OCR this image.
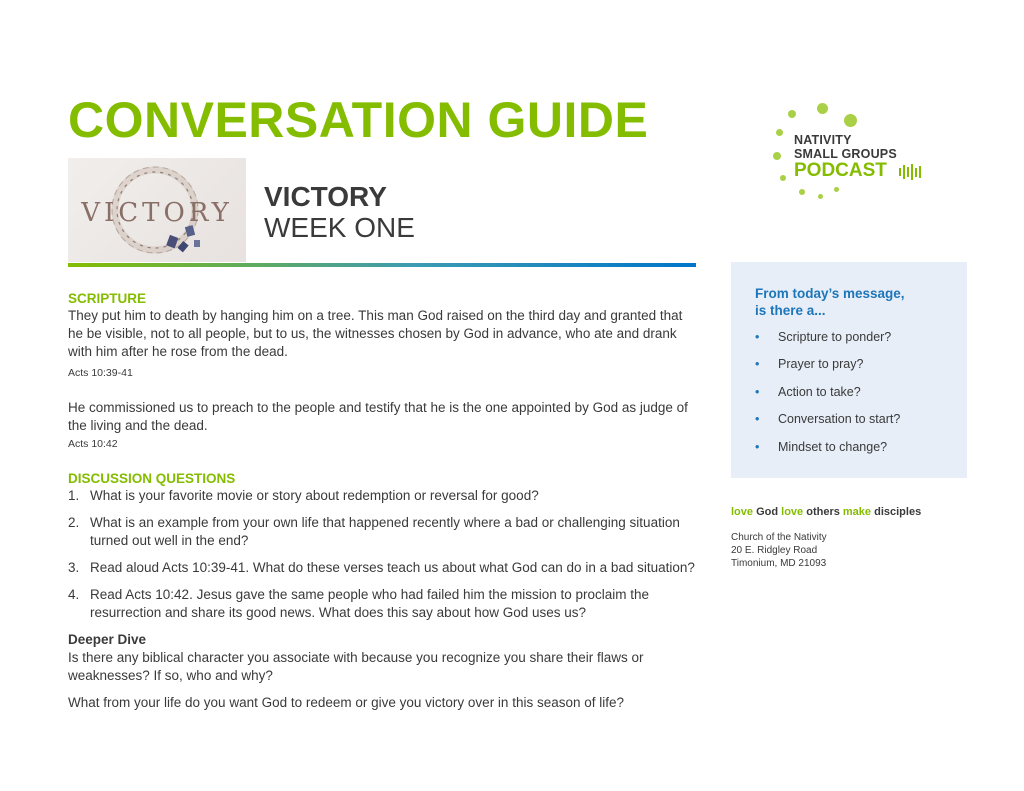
CONVERSATION GUIDE	NATIVITY
SMALL GROUPS
PODCAST
VICTORY
VICTORY
WEEK ONE
SCRIPTURE

They put him to death by hanging him on a tree. This man God raised on the third day and granted that he be visible, not to all people, but to us, the witnesses chosen by God in advance, who ate and drank with him after he rose from the dead.

Acts 10:39-41

He commissioned us to preach to the people and testify that he is the one appointed by God as judge of the living and the dead.

Acts 10:42

DISCUSSION QUESTIONS
1. What is your favorite movie or story about redemption or reversal for good?
2. What is an example from your own life that happened recently where a bad or challenging situation turned out well in the end?
3. Read aloud Acts 10:39-41. What do these verses teach us about what God can do in a bad situation?
4. Read Acts 10:42. Jesus gave the same people who had failed him the mission to proclaim the resurrection and share its good news. What does this say about how God uses us?
Deeper Dive

Is there any biblical character you associate with because you recognize you share their flaws or weaknesses? If so, who and why?

What from your life do you want God to redeem or give you victory over in this season of life?

From today’s message,
is there a...
•	Scripture to ponder?
•	Prayer to pray?
•	Action to take?
•	Conversation to start?
•	Mindset to change?
love God love others make disciples
Church of the Nativity
20 E. Ridgley Road
Timonium, MD 21093
